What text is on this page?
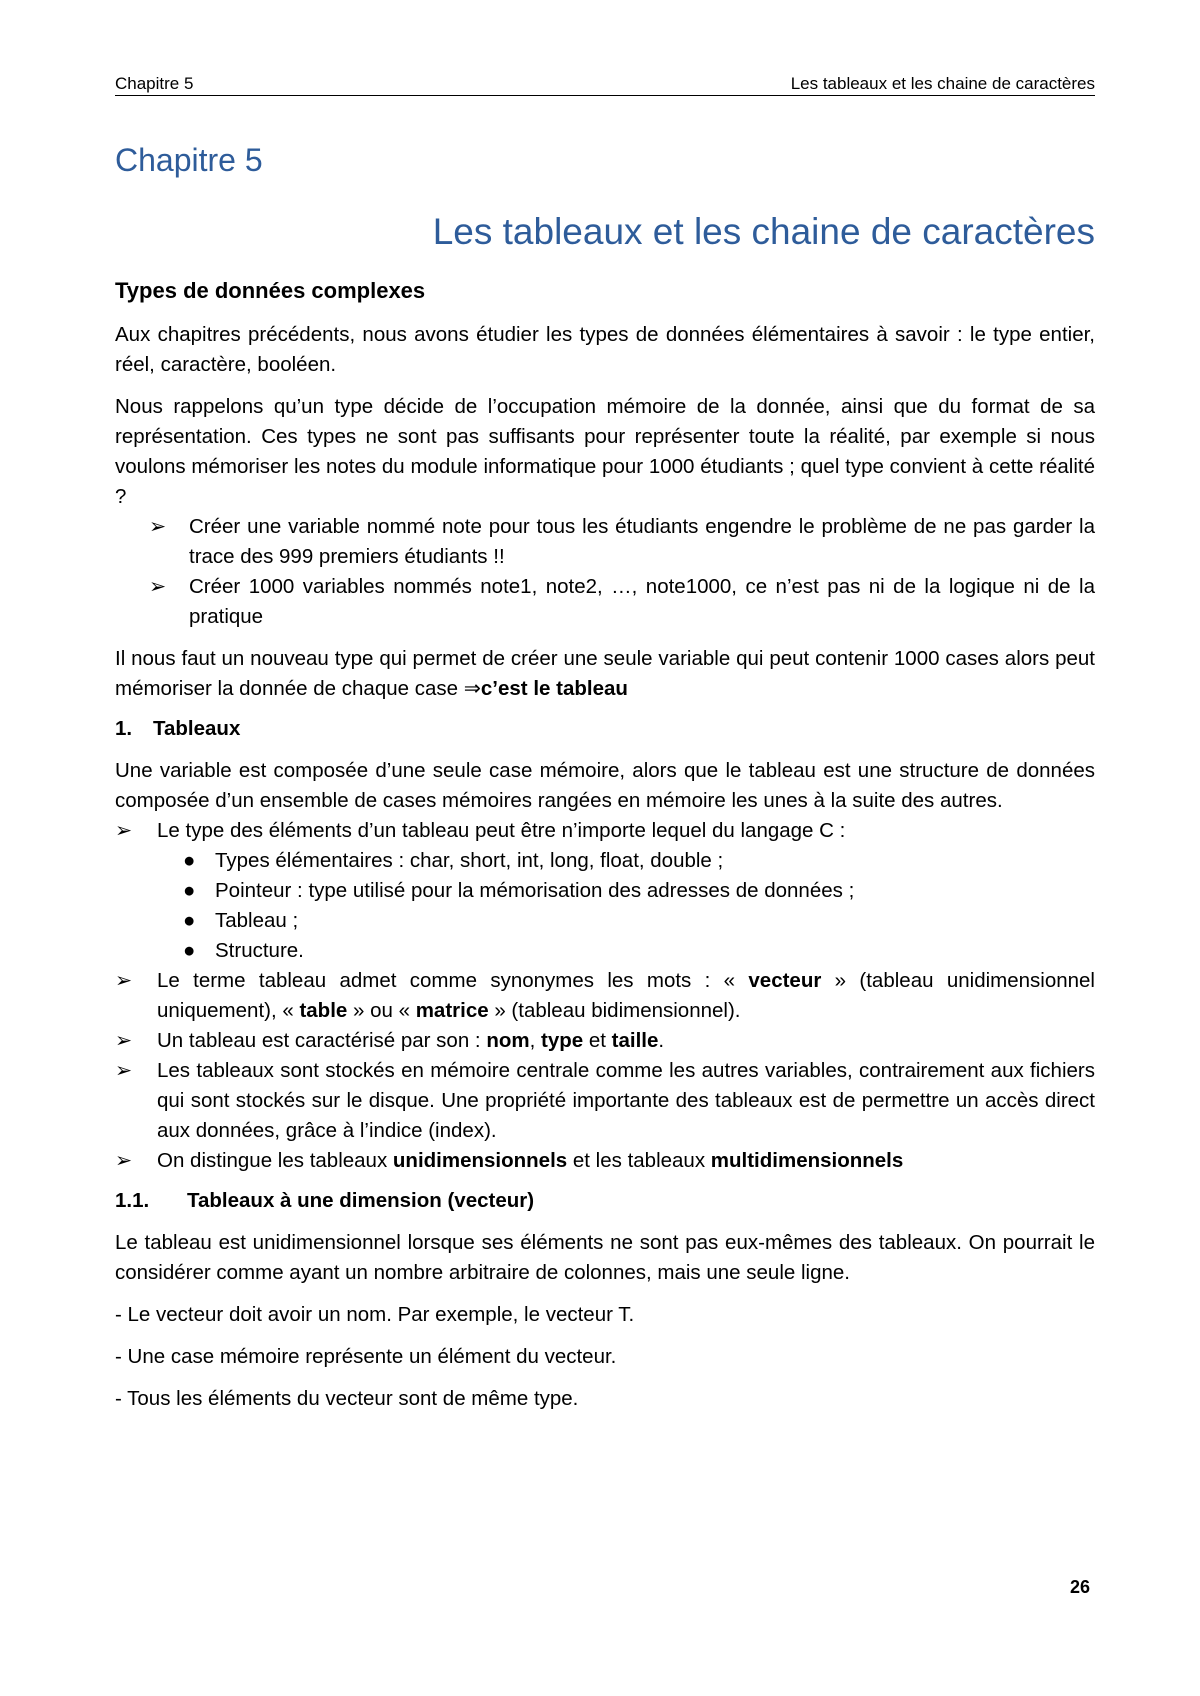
Chapitre 5	Les tableaux et les chaine de caractères
Chapitre 5
Les tableaux et les chaine de caractères
Types de données complexes

Aux chapitres précédents, nous avons étudier les types de données élémentaires à savoir : le type entier, réel, caractère, booléen.

Nous rappelons qu’un type décide de l’occupation mémoire de la donnée, ainsi que du format de sa représentation. Ces types ne sont pas suffisants pour représenter toute la réalité, par exemple si nous voulons mémoriser les notes du module informatique pour 1000 étudiants ; quel type convient à cette réalité ?

➢ Créer une variable nommé note pour tous les étudiants engendre le problème de ne pas garder la trace des 999 premiers étudiants !!
➢ Créer 1000 variables nommés note1, note2, …, note1000, ce n’est pas ni de la logique ni de la pratique

Il nous faut un nouveau type qui permet de créer une seule variable qui peut contenir 1000 cases alors peut mémoriser la donnée de chaque case ⇒c’est le tableau

1. Tableaux

Une variable est composée d’une seule case mémoire, alors que le tableau est une structure de données composée d’un ensemble de cases mémoires rangées en mémoire les unes à la suite des autres.

➢ Le type des éléments d’un tableau peut être n’importe lequel du langage C :
● Types élémentaires : char, short, int, long, float, double ;
● Pointeur : type utilisé pour la mémorisation des adresses de données ;
● Tableau ;
● Structure.
➢ Le terme tableau admet comme synonymes les mots : « vecteur » (tableau unidimensionnel uniquement), « table » ou « matrice » (tableau bidimensionnel).
➢ Un tableau est caractérisé par son : nom, type et taille.
➢ Les tableaux sont stockés en mémoire centrale comme les autres variables, contrairement aux fichiers qui sont stockés sur le disque. Une propriété importante des tableaux est de permettre un accès direct aux données, grâce à l’indice (index).
➢ On distingue les tableaux unidimensionnels et les tableaux multidimensionnels
1.1. Tableaux à une dimension (vecteur)

Le tableau est unidimensionnel lorsque ses éléments ne sont pas eux-mêmes des tableaux. On pourrait le considérer comme ayant un nombre arbitraire de colonnes, mais une seule ligne.

- Le vecteur doit avoir un nom. Par exemple, le vecteur T.

- Une case mémoire représente un élément du vecteur.

- Tous les éléments du vecteur sont de même type.

26
